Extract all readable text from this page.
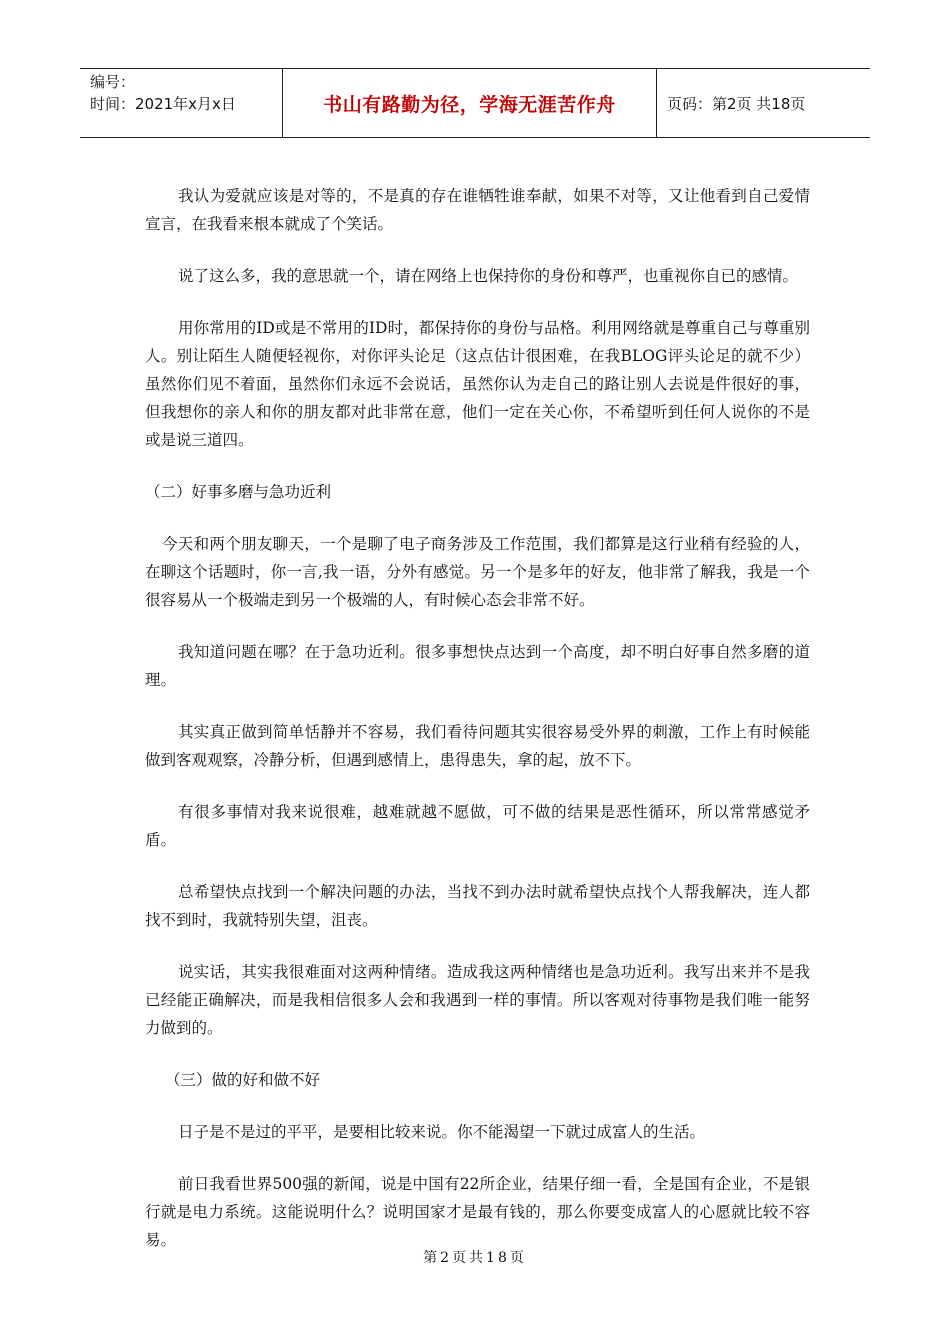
编号：
时间：2021年x月x日	书山有路勤为径，学海无涯苦作舟	页码：第2页 共18页

我认为爱就应该是对等的，不是真的存在谁牺牲谁奉献，如果不对等，又让他看到自己爱情宣言，在我看来根本就成了个笑话。

说了这么多，我的意思就一个，请在网络上也保持你的身份和尊严，也重视你自已的感情。

用你常用的ID或是不常用的ID时，都保持你的身份与品格。利用网络就是尊重自己与尊重别人。别让陌生人随便轻视你，对你评头论足（这点估计很困难，在我BLOG评头论足的就不少）虽然你们见不着面，虽然你们永远不会说话，虽然你认为走自己的路让别人去说是件很好的事，但我想你的亲人和你的朋友都对此非常在意，他们一定在关心你，不希望听到任何人说你的不是或是说三道四。

（二）好事多磨与急功近利

今天和两个朋友聊天，一个是聊了电子商务涉及工作范围，我们都算是这行业稍有经验的人，在聊这个话题时，你一言,我一语，分外有感觉。另一个是多年的好友，他非常了解我，我是一个很容易从一个极端走到另一个极端的人，有时候心态会非常不好。

我知道问题在哪？在于急功近利。很多事想快点达到一个高度，却不明白好事自然多磨的道理。

其实真正做到简单恬静并不容易，我们看待问题其实很容易受外界的刺激，工作上有时候能做到客观观察，冷静分析，但遇到感情上，患得患失，拿的起，放不下。

有很多事情对我来说很难，越难就越不愿做，可不做的结果是恶性循环，所以常常感觉矛盾。

总希望快点找到一个解决问题的办法，当找不到办法时就希望快点找个人帮我解决，连人都找不到时，我就特别失望，沮丧。

说实话，其实我很难面对这两种情绪。造成我这两种情绪也是急功近利。我写出来并不是我已经能正确解决，而是我相信很多人会和我遇到一样的事情。所以客观对待事物是我们唯一能努力做到的。

（三）做的好和做不好

日子是不是过的平平，是要相比较来说。你不能渴望一下就过成富人的生活。

前日我看世界500强的新闻，说是中国有22所企业，结果仔细一看，全是国有企业，不是银行就是电力系统。这能说明什么？说明国家才是最有钱的，那么你要变成富人的心愿就比较不容易。

第2页共18页
